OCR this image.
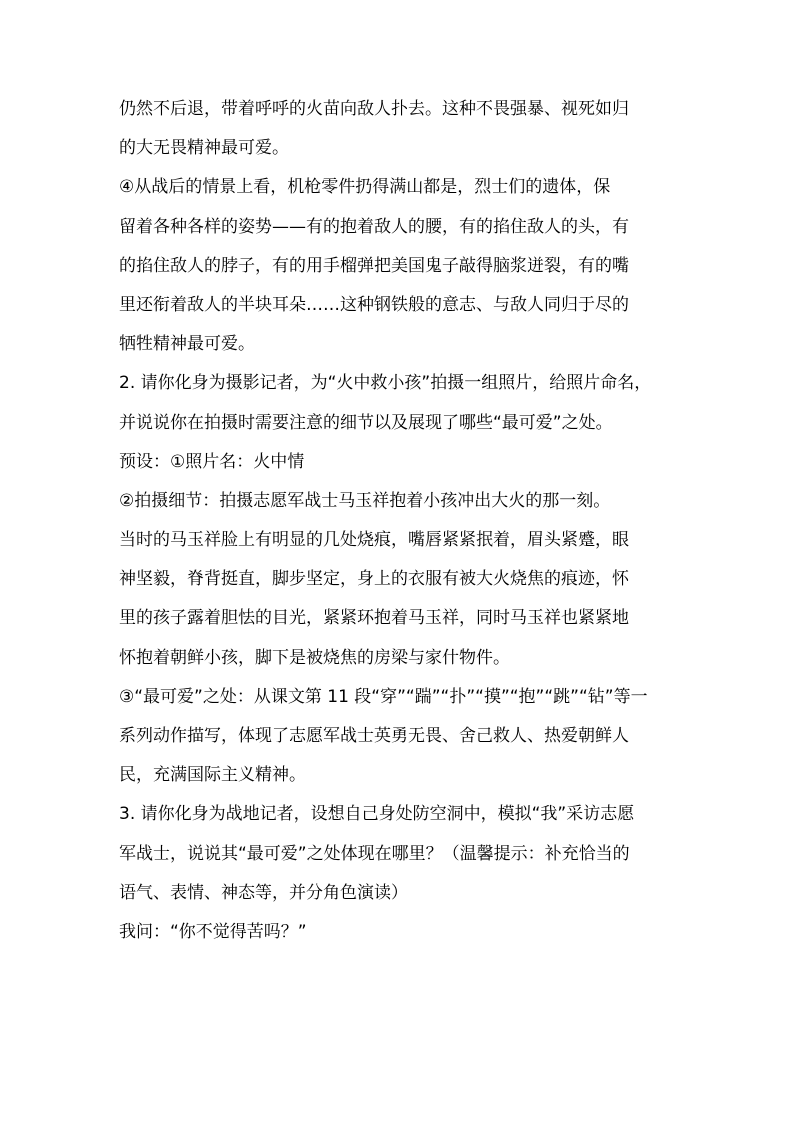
仍然不后退，带着呼呼的火苗向敌人扑去。这种不畏强暴、视死如归
的大无畏精神最可爱。
④从战后的情景上看，机枪零件扔得满山都是，烈士们的遗体，保
留着各种各样的姿势——有的抱着敌人的腰，有的掐住敌人的头，有
的掐住敌人的脖子，有的用手榴弹把美国鬼子敲得脑浆迸裂，有的嘴
里还衔着敌人的半块耳朵……这种钢铁般的意志、与敌人同归于尽的
牺牲精神最可爱。
2. 请你化身为摄影记者，为“火中救小孩”拍摄一组照片，给照片命名，
并说说你在拍摄时需要注意的细节以及展现了哪些“最可爱”之处。
预设：①照片名：火中情
②拍摄细节：拍摄志愿军战士马玉祥抱着小孩冲出大火的那一刻。
当时的马玉祥脸上有明显的几处烧痕，嘴唇紧紧抿着，眉头紧蹙，眼
神坚毅，脊背挺直，脚步坚定，身上的衣服有被大火烧焦的痕迹，怀
里的孩子露着胆怯的目光，紧紧环抱着马玉祥，同时马玉祥也紧紧地
怀抱着朝鲜小孩，脚下是被烧焦的房梁与家什物件。
③“最可爱”之处：从课文第 11 段“穿”“踹”“扑”“摸”“抱”“跳”“钻”等一
系列动作描写，体现了志愿军战士英勇无畏、舍己救人、热爱朝鲜人
民，充满国际主义精神。
3. 请你化身为战地记者，设想自己身处防空洞中，模拟“我”采访志愿
军战士，说说其“最可爱”之处体现在哪里？（温馨提示：补充恰当的
语气、表情、神态等，并分角色演读）
我问：“你不觉得苦吗？”
